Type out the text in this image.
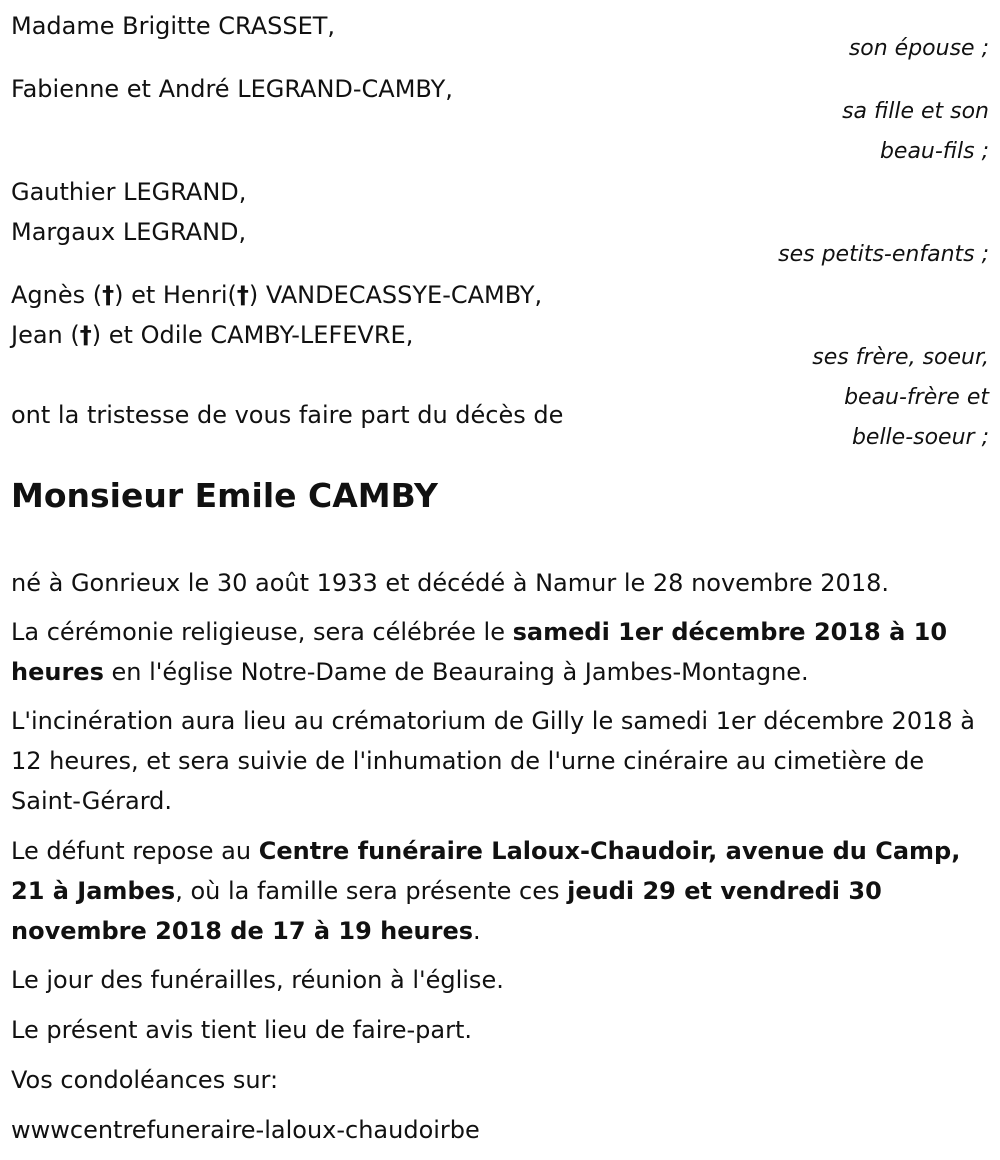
Madame Brigitte CRASSET,
son épouse ;
Fabienne et André LEGRAND-CAMBY,
sa fille et son
beau-fils ;
Gauthier LEGRAND,
Margaux LEGRAND,
ses petits-enfants ;
Agnès (†) et Henri(†) VANDECASSYE-CAMBY,
Jean (†) et Odile CAMBY-LEFEVRE,
ses frère, soeur,
beau-frère et
belle-soeur ;
ont la tristesse de vous faire part du décès de
Monsieur Emile CAMBY
né à Gonrieux le 30 août 1933 et décédé à Namur le 28 novembre 2018.
La cérémonie religieuse, sera célébrée le samedi 1er décembre 2018 à 10 heures en l'église Notre-Dame de Beauraing à Jambes-Montagne.
L'incinération aura lieu au crématorium de Gilly le samedi 1er décembre 2018 à 12 heures, et sera suivie de l'inhumation de l'urne cinéraire au cimetière de Saint-Gérard.
Le défunt repose au Centre funéraire Laloux-Chaudoir, avenue du Camp, 21 à Jambes, où la famille sera présente ces jeudi 29 et vendredi 30 novembre 2018 de 17 à 19 heures.
Le jour des funérailles, réunion à l'église.
Le présent avis tient lieu de faire-part.
Vos condoléances sur:
wwwcentrefuneraire-laloux-chaudoirbe
